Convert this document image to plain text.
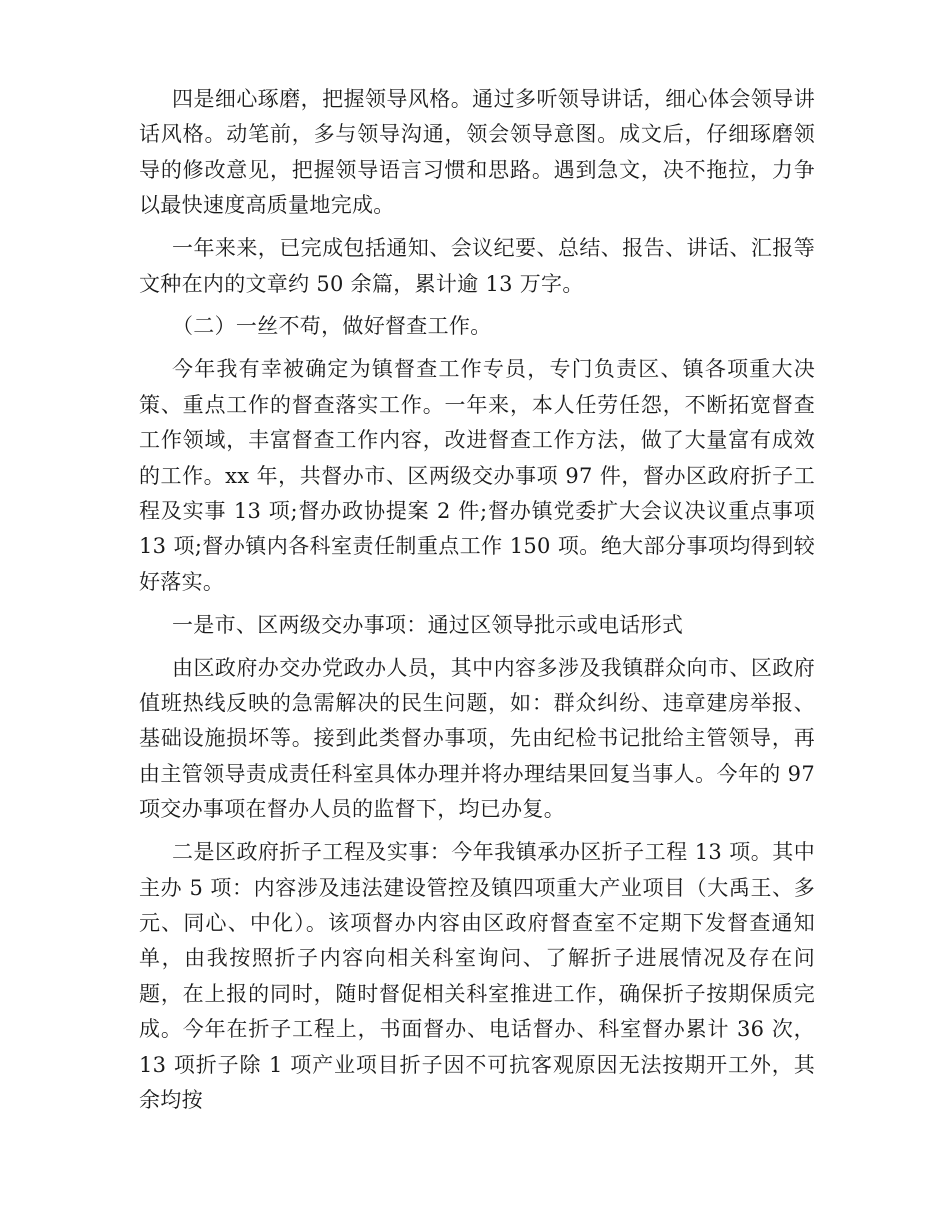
四是细心琢磨，把握领导风格。通过多听领导讲话，细心体会领导讲话风格。动笔前，多与领导沟通，领会领导意图。成文后，仔细琢磨领导的修改意见，把握领导语言习惯和思路。遇到急文，决不拖拉，力争以最快速度高质量地完成。

一年来来，已完成包括通知、会议纪要、总结、报告、讲话、汇报等文种在内的文章约 50 余篇，累计逾 13 万字。

（二）一丝不苟，做好督查工作。

今年我有幸被确定为镇督查工作专员，专门负责区、镇各项重大决策、重点工作的督查落实工作。一年来，本人任劳任怨，不断拓宽督查工作领域，丰富督查工作内容，改进督查工作方法，做了大量富有成效的工作。xx 年，共督办市、区两级交办事项 97 件，督办区政府折子工程及实事 13 项;督办政协提案 2 件;督办镇党委扩大会议决议重点事项 13 项;督办镇内各科室责任制重点工作 150 项。绝大部分事项均得到较好落实。

一是市、区两级交办事项：通过区领导批示或电话形式

由区政府办交办党政办人员，其中内容多涉及我镇群众向市、区政府值班热线反映的急需解决的民生问题，如：群众纠纷、违章建房举报、基础设施损坏等。接到此类督办事项，先由纪检书记批给主管领导，再由主管领导责成责任科室具体办理并将办理结果回复当事人。今年的 97 项交办事项在督办人员的监督下，均已办复。

二是区政府折子工程及实事：今年我镇承办区折子工程 13 项。其中主办 5 项：内容涉及违法建设管控及镇四项重大产业项目（大禹王、多元、同心、中化）。该项督办内容由区政府督查室不定期下发督查通知单，由我按照折子内容向相关科室询问、了解折子进展情况及存在问题，在上报的同时，随时督促相关科室推进工作，确保折子按期保质完成。今年在折子工程上，书面督办、电话督办、科室督办累计 36 次，13 项折子除 1 项产业项目折子因不可抗客观原因无法按期开工外，其余均按
